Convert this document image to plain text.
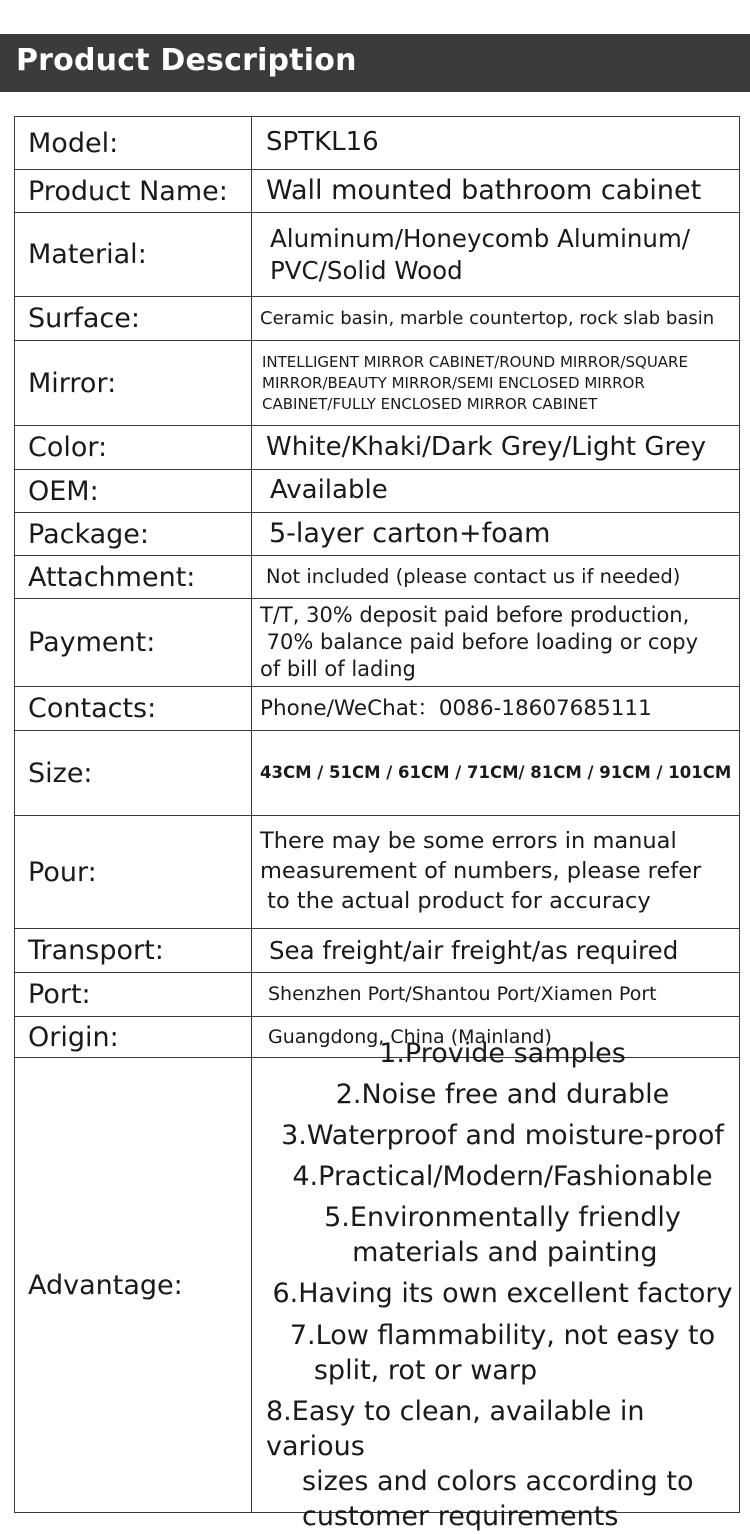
Product Description
Model:	SPTKL16
Product Name:	Wall mounted bathroom cabinet
Material:
Aluminum/Honeycomb Aluminum/
PVC/Solid Wood
Surface:	Ceramic basin, marble countertop, rock slab basin
Mirror:
INTELLIGENT MIRROR CABINET/ROUND MIRROR/SQUARE
MIRROR/BEAUTY MIRROR/SEMI ENCLOSED MIRROR
CABINET/FULLY ENCLOSED MIRROR CABINET
Color:	White/Khaki/Dark Grey/Light Grey
OEM:	Available
Package:	5-layer carton+foam
Attachment:	Not included (please contact us if needed)
Payment:
T/T, 30% deposit paid before production,
70% balance paid before loading or copy
of bill of lading
Contacts:	Phone/WeChat：0086-18607685111
Size:	43CM / 51CM / 61CM / 71CM/ 81CM / 91CM / 101CM
Pour:
There may be some errors in manual
measurement of numbers, please refer
to the actual product for accuracy
Transport:	Sea freight/air freight/as required
Port:	Shenzhen Port/Shantou Port/Xiamen Port
Origin:	Guangdong, China (Mainland)
Advantage:
1.Provide samples
2.Noise free and durable
3.Waterproof and moisture-proof
4.Practical/Modern/Fashionable
5.Environmentally friendly
materials and painting
6.Having its own excellent factory
7.Low flammability, not easy to
split, rot or warp
8.Easy to clean, available in various
sizes and colors according to
customer requirements
